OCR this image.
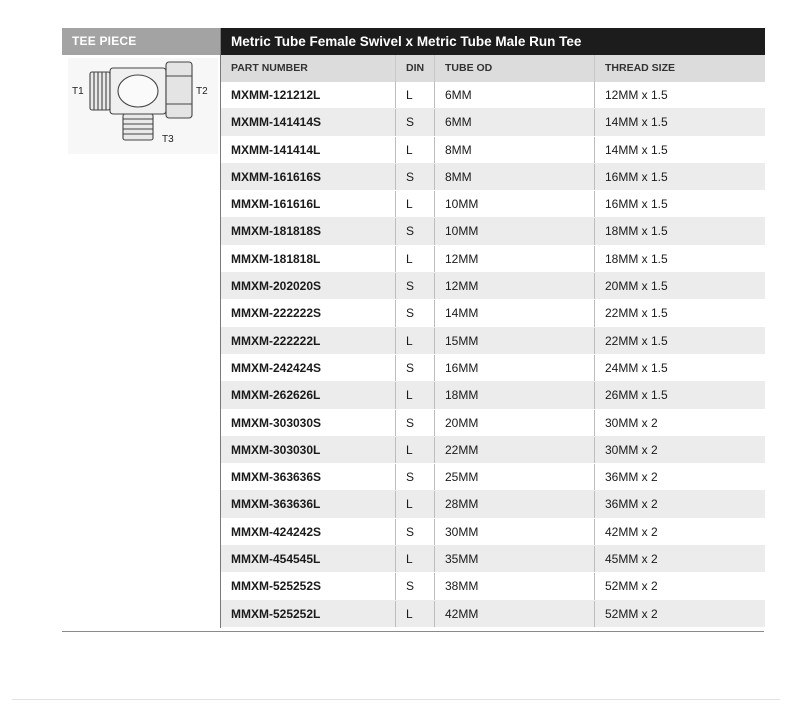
TEE PIECE
T1	T2
T3
Metric Tube Female Swivel x Metric Tube Male Run Tee
PART NUMBER	DIN	TUBE OD	THREAD SIZE
MXMM-121212L	L	6MM	12MM x 1.5
MXMM-141414S	S	6MM	14MM x 1.5
MXMM-141414L	L	8MM	14MM x 1.5
MXMM-161616S	S	8MM	16MM x 1.5
MMXM-161616L	L	10MM	16MM x 1.5
MMXM-181818S	S	10MM	18MM x 1.5
MMXM-181818L	L	12MM	18MM x 1.5
MMXM-202020S	S	12MM	20MM x 1.5
MMXM-222222S	S	14MM	22MM x 1.5
MMXM-222222L	L	15MM	22MM x 1.5
MMXM-242424S	S	16MM	24MM x 1.5
MMXM-262626L	L	18MM	26MM x 1.5
MMXM-303030S	S	20MM	30MM x 2
MMXM-303030L	L	22MM	30MM x 2
MMXM-363636S	S	25MM	36MM x 2
MMXM-363636L	L	28MM	36MM x 2
MMXM-424242S	S	30MM	42MM x 2
MMXM-454545L	L	35MM	45MM x 2
MMXM-525252S	S	38MM	52MM x 2
MMXM-525252L	L	42MM	52MM x 2
